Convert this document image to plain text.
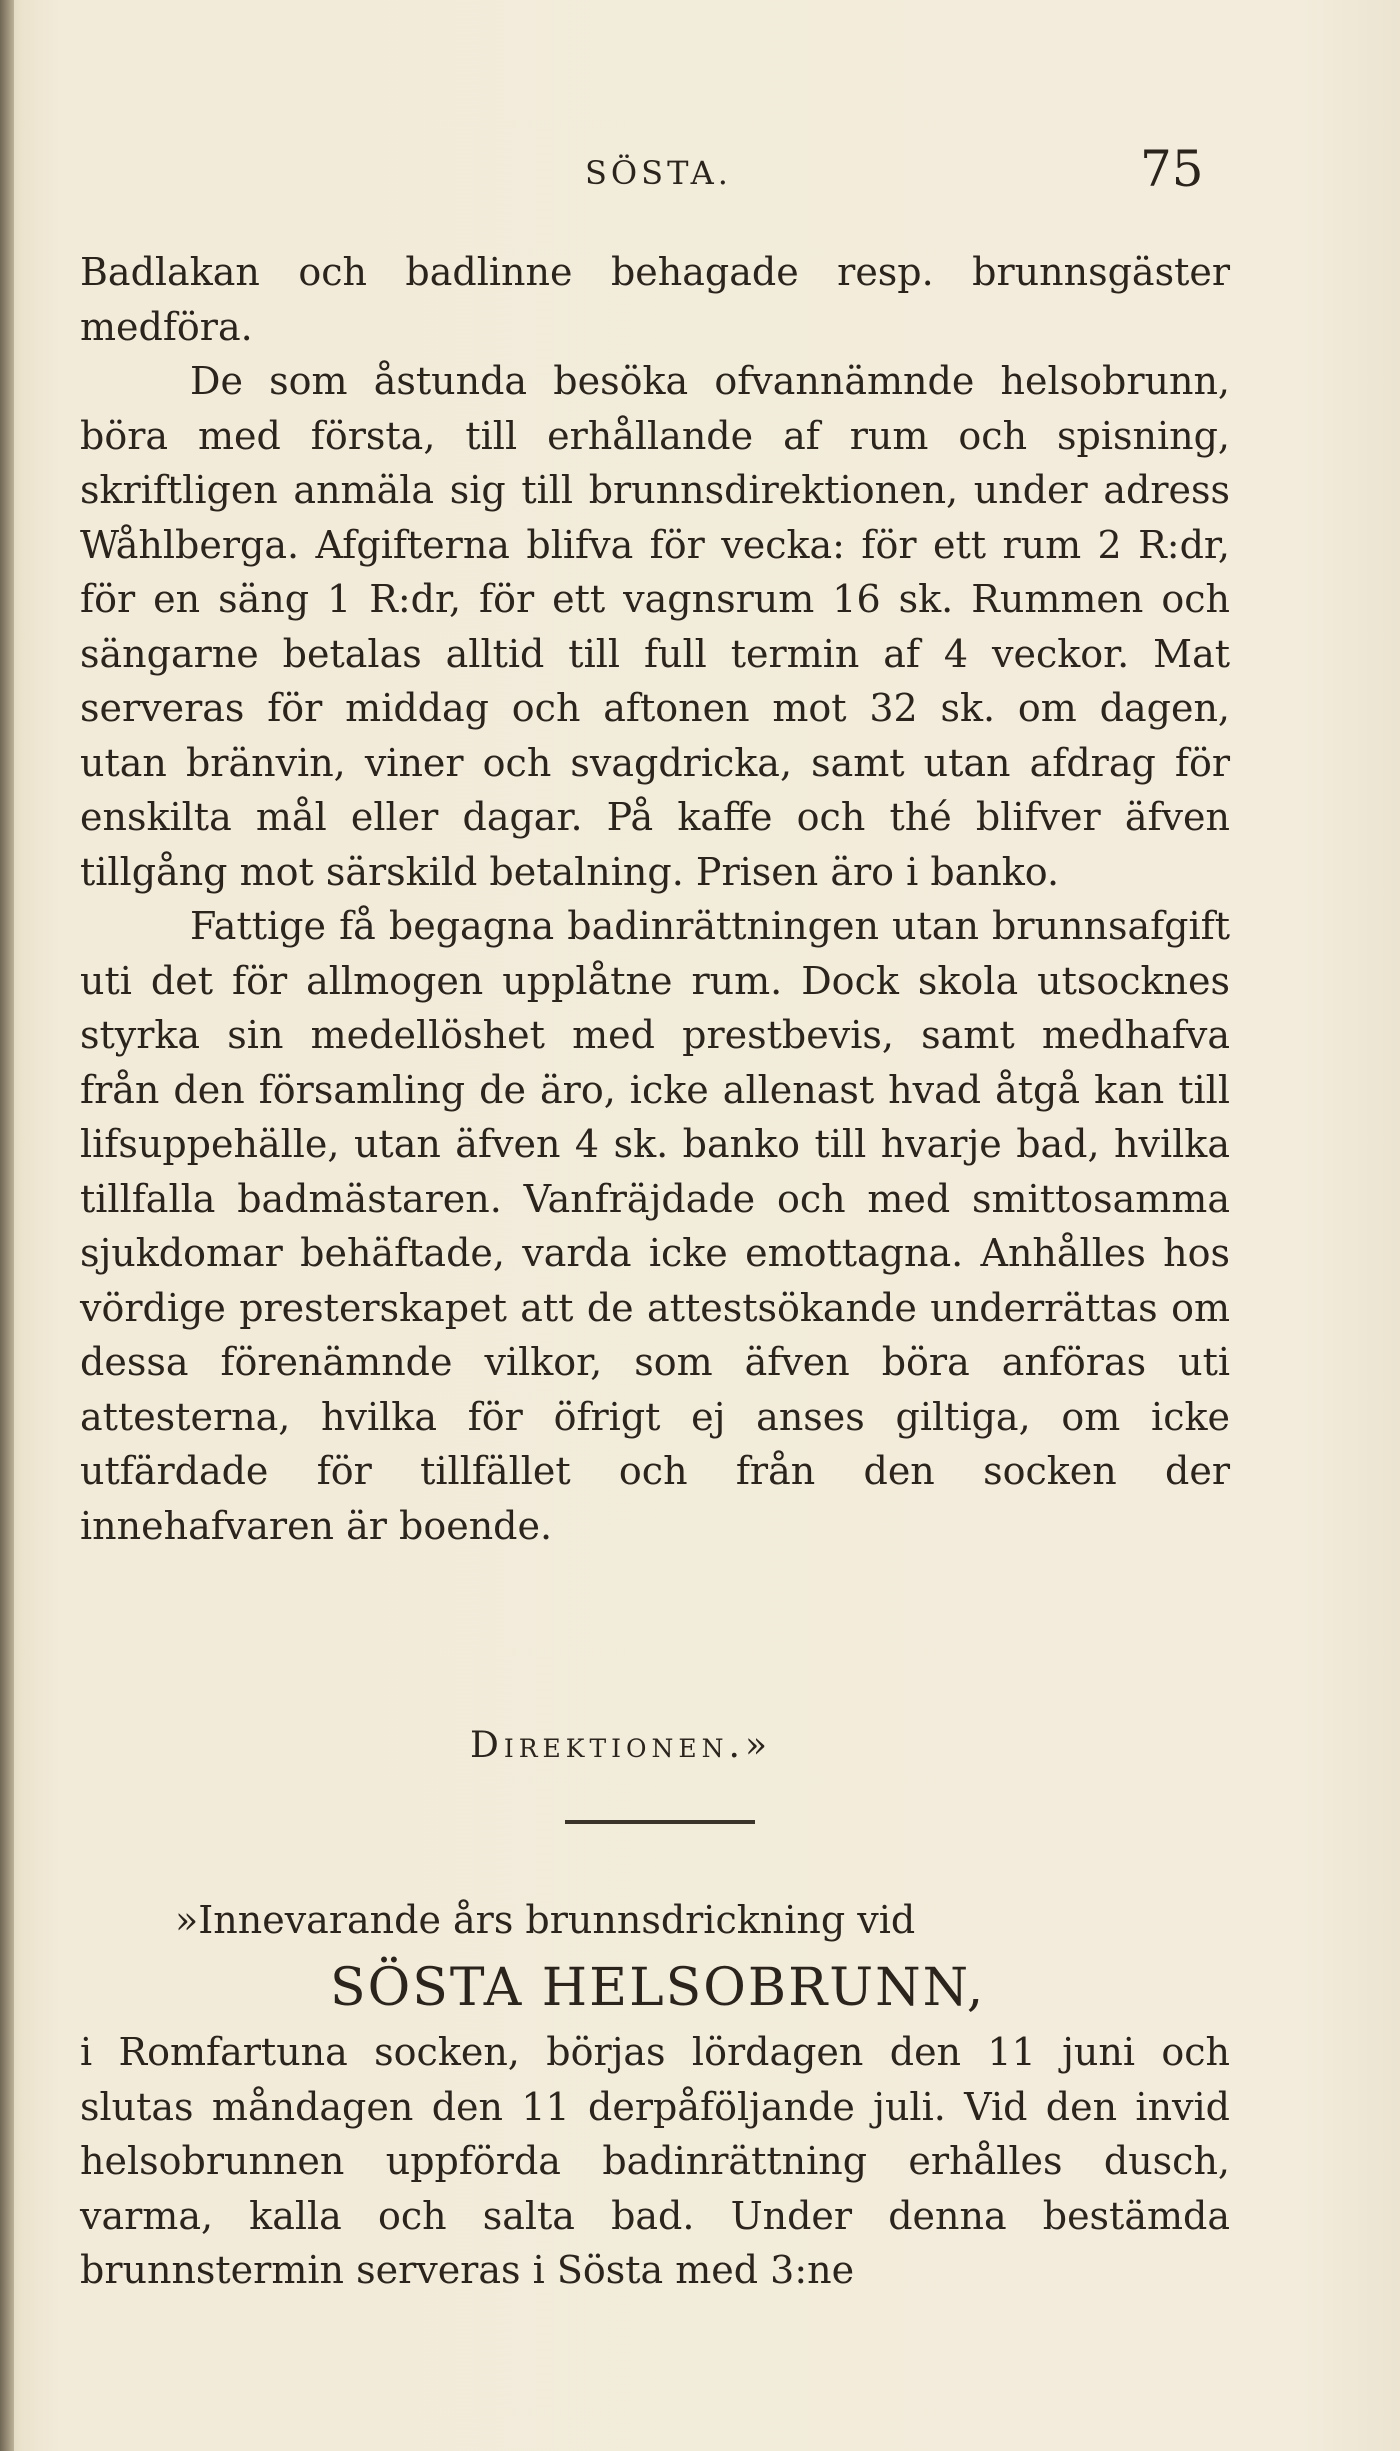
SÖSTA.	75

Badlakan och badlinne behagade resp. brunnsgäster medföra.

De som åstunda besöka ofvannämnde helsobrunn, böra med första, till erhållande af rum och spisning, skriftligen anmäla sig till brunnsdirektionen, under adress Wåhlberga. Afgifterna blifva för vecka: för ett rum 2 R:dr, för en säng 1 R:dr, för ett vagnsrum 16 sk. Rummen och sängarne betalas alltid till full termin af 4 veckor. Mat serveras för middag och aftonen mot 32 sk. om dagen, utan bränvin, viner och svagdricka, samt utan afdrag för enskilta mål eller dagar. På kaffe och thé blifver äfven tillgång mot särskild betalning. Prisen äro i banko.

Fattige få begagna badinrättningen utan brunnsafgift uti det för allmogen upplåtne rum. Dock skola utsocknes styrka sin medellöshet med prestbevis, samt medhafva från den församling de äro, icke allenast hvad åtgå kan till lifsuppehälle, utan äfven 4 sk. banko till hvarje bad, hvilka tillfalla badmästaren. Vanfräjdade och med smittosamma sjukdomar behäftade, varda icke emottagna. Anhålles hos vördige presterskapet att de attestsökande underrättas om dessa förenämnde vilkor, som äfven böra anföras uti attesterna, hvilka för öfrigt ej anses giltiga, om icke utfärdade för tillfället och från den socken der innehafvaren är boende.

Direktionen.»
»Innevarande års brunnsdrickning vid
SÖSTA HELSOBRUNN,

i Romfartuna socken, börjas lördagen den 11 juni och slutas måndagen den 11 derpåföljande juli. Vid den invid helsobrunnen uppförda badinrättning erhålles dusch, varma, kalla och salta bad. Under denna bestämda brunnstermin serveras i Sösta med 3:ne
